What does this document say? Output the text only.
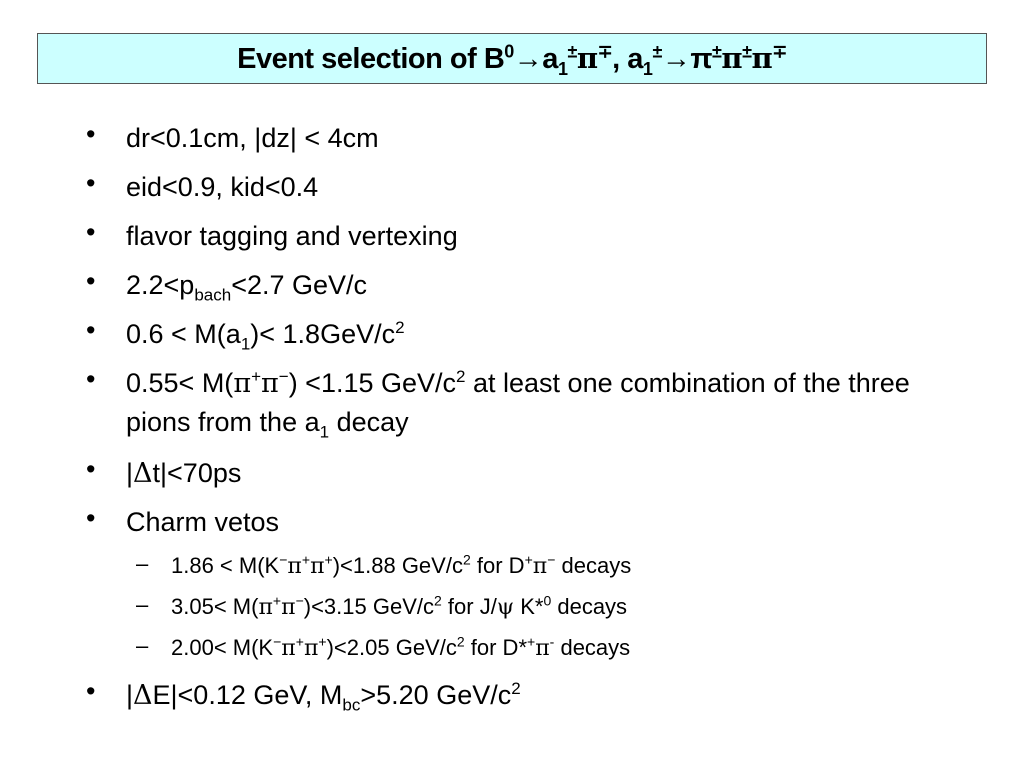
Event selection of $B^0\to a_1^\pm\pi^\mp$, $a_1^\pm\to\pi^\pm\pi^\pm\pi^\mp$
•	dr<0.1cm, |dz| < 4cm
•	eid<0.9, kid<0.4
•	flavor tagging and vertexing
•	$2.2<p_{bach}<2.7$ GeV/c
•	$0.6 < M(a_1)< 1.8GeV/c^2$
•	0.55< M(π+π−) <1.15 GeV/$c^2$ at least one combination of the three pions from the $a_1$ decay
•	|Δt|<70ps
•	Charm vetos
–	1.86 < M(K−π+π+)<1.88 GeV/$c^2$ for D+π− decays
–	3.05< M(π+π−)<3.15 GeV/$c^2$ for J/ψ K*$^0$ decays
–	2.00< M(K−π+π+)<2.05 GeV/$c^2$ for D*+π- decays
•	|ΔE|<0.12 GeV, $M_{bc}>5.20$ GeV/$c^2$
